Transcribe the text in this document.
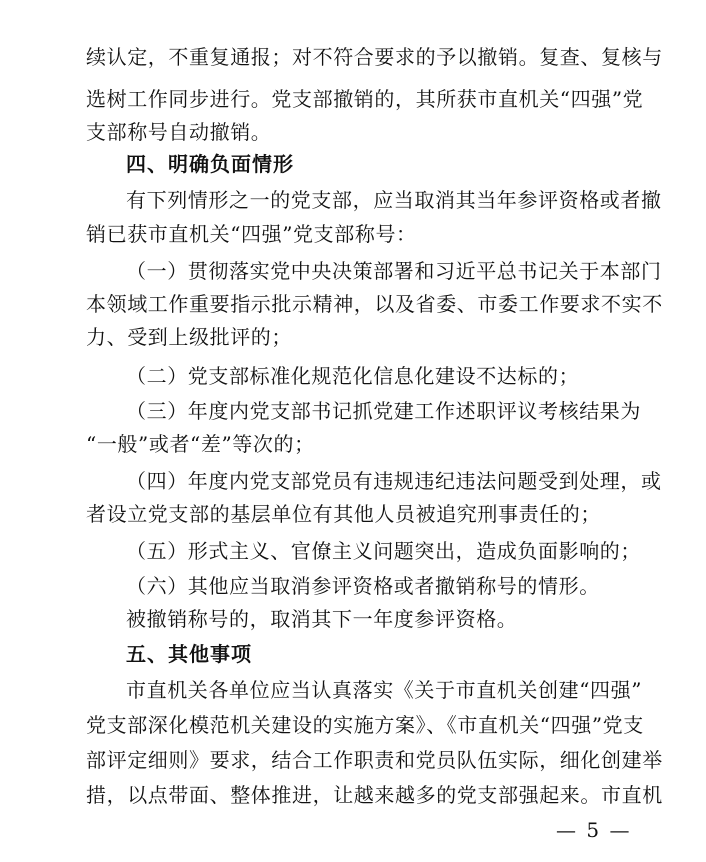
续认定，不重复通报；对不符合要求的予以撤销。复查、复核与
选树工作同步进行。党支部撤销的，其所获市直机关“四强”党
支部称号自动撤销。
四、明确负面情形
有下列情形之一的党支部，应当取消其当年参评资格或者撤
销已获市直机关“四强”党支部称号：
（一）贯彻落实党中央决策部署和习近平总书记关于本部门
本领域工作重要指示批示精神，以及省委、市委工作要求不实不
力、受到上级批评的；
（二）党支部标准化规范化信息化建设不达标的；
（三）年度内党支部书记抓党建工作述职评议考核结果为
“一般”或者“差”等次的；
（四）年度内党支部党员有违规违纪违法问题受到处理，或
者设立党支部的基层单位有其他人员被追究刑事责任的；
（五）形式主义、官僚主义问题突出，造成负面影响的；
（六）其他应当取消参评资格或者撤销称号的情形。
被撤销称号的，取消其下一年度参评资格。
五、其他事项
市直机关各单位应当认真落实《关于市直机关创建“四强”
党支部深化模范机关建设的实施方案》、《市直机关“四强”党支
部评定细则》要求，结合工作职责和党员队伍实际，细化创建举
措，以点带面、整体推进，让越来越多的党支部强起来。市直机
— 5 —
